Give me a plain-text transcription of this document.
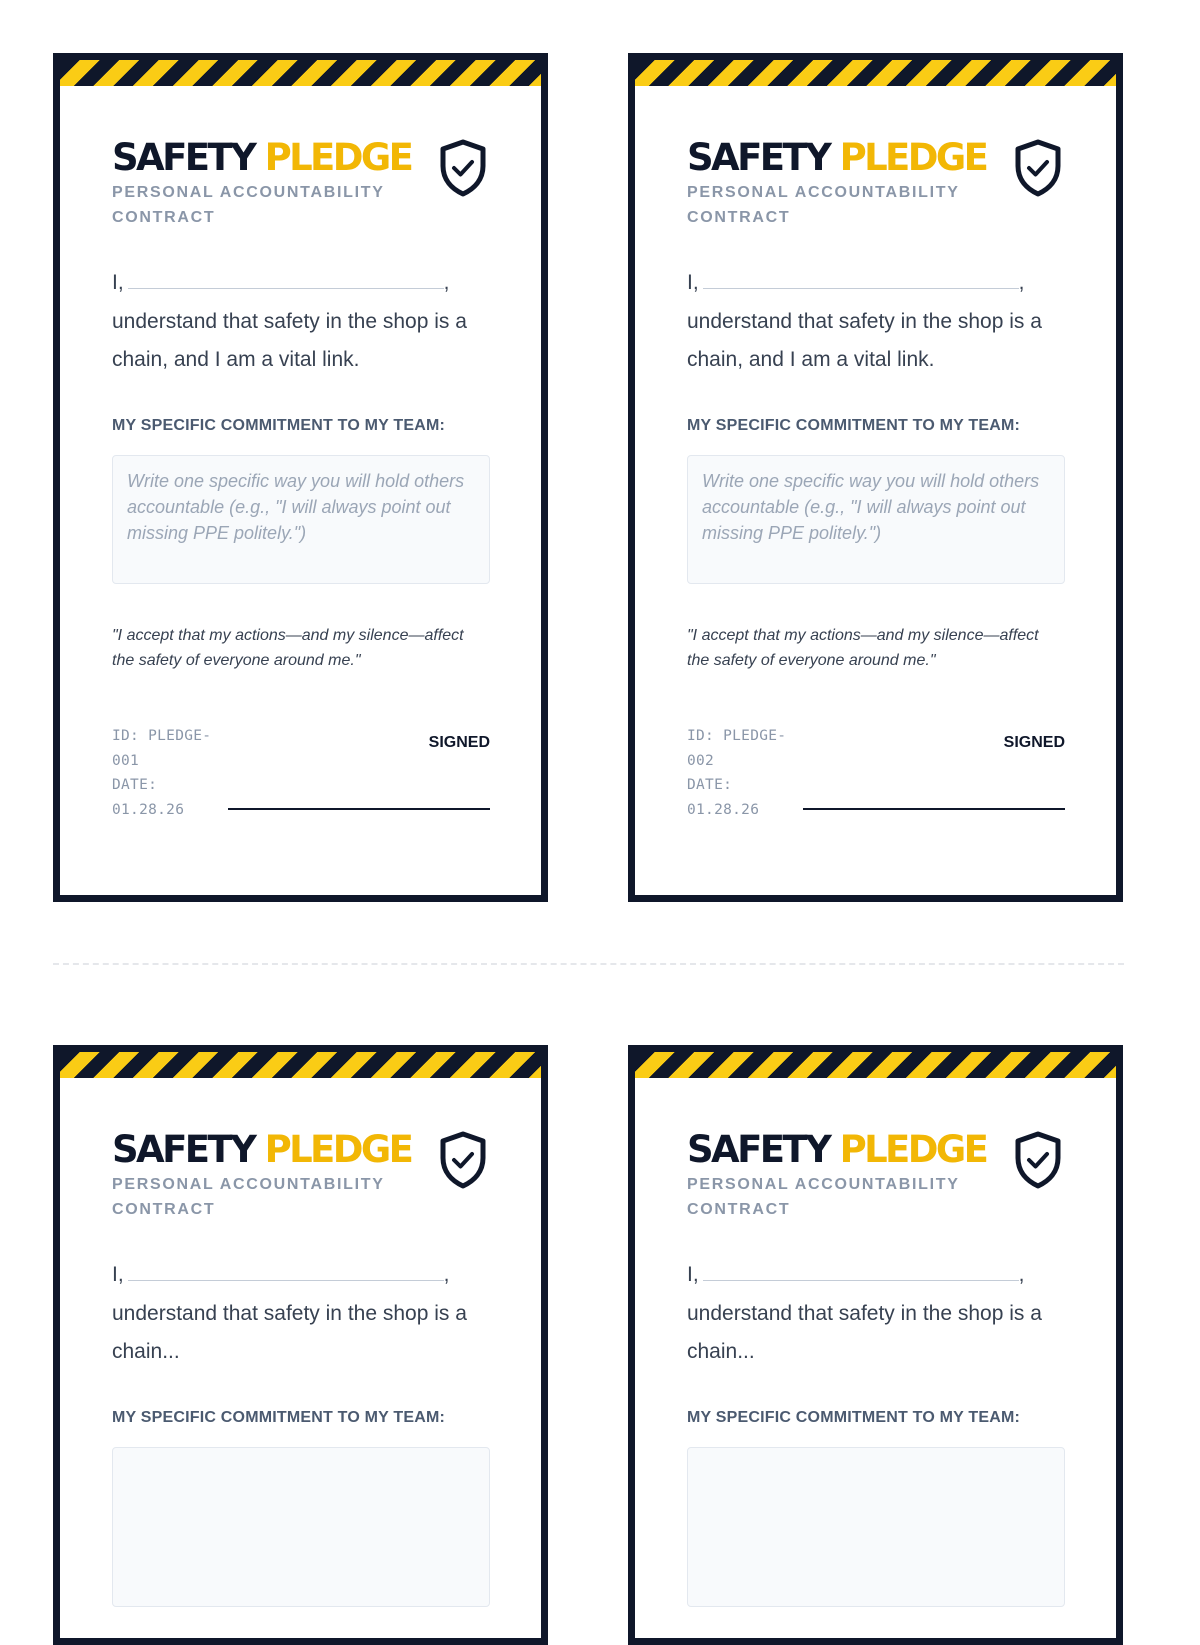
SAFETY PLEDGE
PERSONAL ACCOUNTABILITY CONTRACT
I,	,
understand that safety in the shop is a chain, and I am a vital link.
MY SPECIFIC COMMITMENT TO MY TEAM:
Write one specific way you will hold others accountable (e.g., "I will always point out missing PPE politely.")
"I accept that my actions—and my silence—affect the safety of everyone around me."
ID: PLEDGE-001
DATE: 01.28.26
SIGNED
SAFETY PLEDGE
PERSONAL ACCOUNTABILITY CONTRACT
I,	,
understand that safety in the shop is a chain, and I am a vital link.
MY SPECIFIC COMMITMENT TO MY TEAM:
Write one specific way you will hold others accountable (e.g., "I will always point out missing PPE politely.")
"I accept that my actions—and my silence—affect the safety of everyone around me."
ID: PLEDGE-002
DATE: 01.28.26
SIGNED
SAFETY PLEDGE
PERSONAL ACCOUNTABILITY CONTRACT
I,	,
understand that safety in the shop is a chain...
MY SPECIFIC COMMITMENT TO MY TEAM:
SAFETY PLEDGE
PERSONAL ACCOUNTABILITY CONTRACT
I,	,
understand that safety in the shop is a chain...
MY SPECIFIC COMMITMENT TO MY TEAM:
